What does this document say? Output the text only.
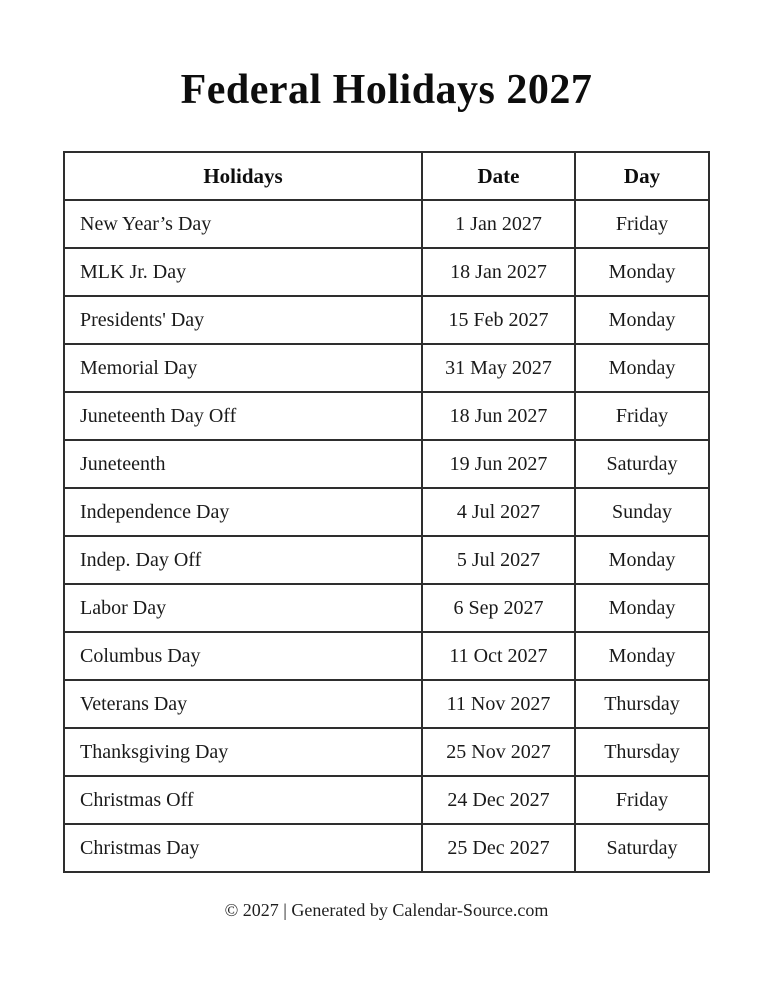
Federal Holidays 2027
Holidays	Date	Day
New Year’s Day	1 Jan 2027	Friday
MLK Jr. Day	18 Jan 2027	Monday
Presidents' Day	15 Feb 2027	Monday
Memorial Day	31 May 2027	Monday
Juneteenth Day Off	18 Jun 2027	Friday
Juneteenth	19 Jun 2027	Saturday
Independence Day	4 Jul 2027	Sunday
Indep. Day Off	5 Jul 2027	Monday
Labor Day	6 Sep 2027	Monday
Columbus Day	11 Oct 2027	Monday
Veterans Day	11 Nov 2027	Thursday
Thanksgiving Day	25 Nov 2027	Thursday
Christmas Off	24 Dec 2027	Friday
Christmas Day	25 Dec 2027	Saturday
© 2027 | Generated by Calendar-Source.com
